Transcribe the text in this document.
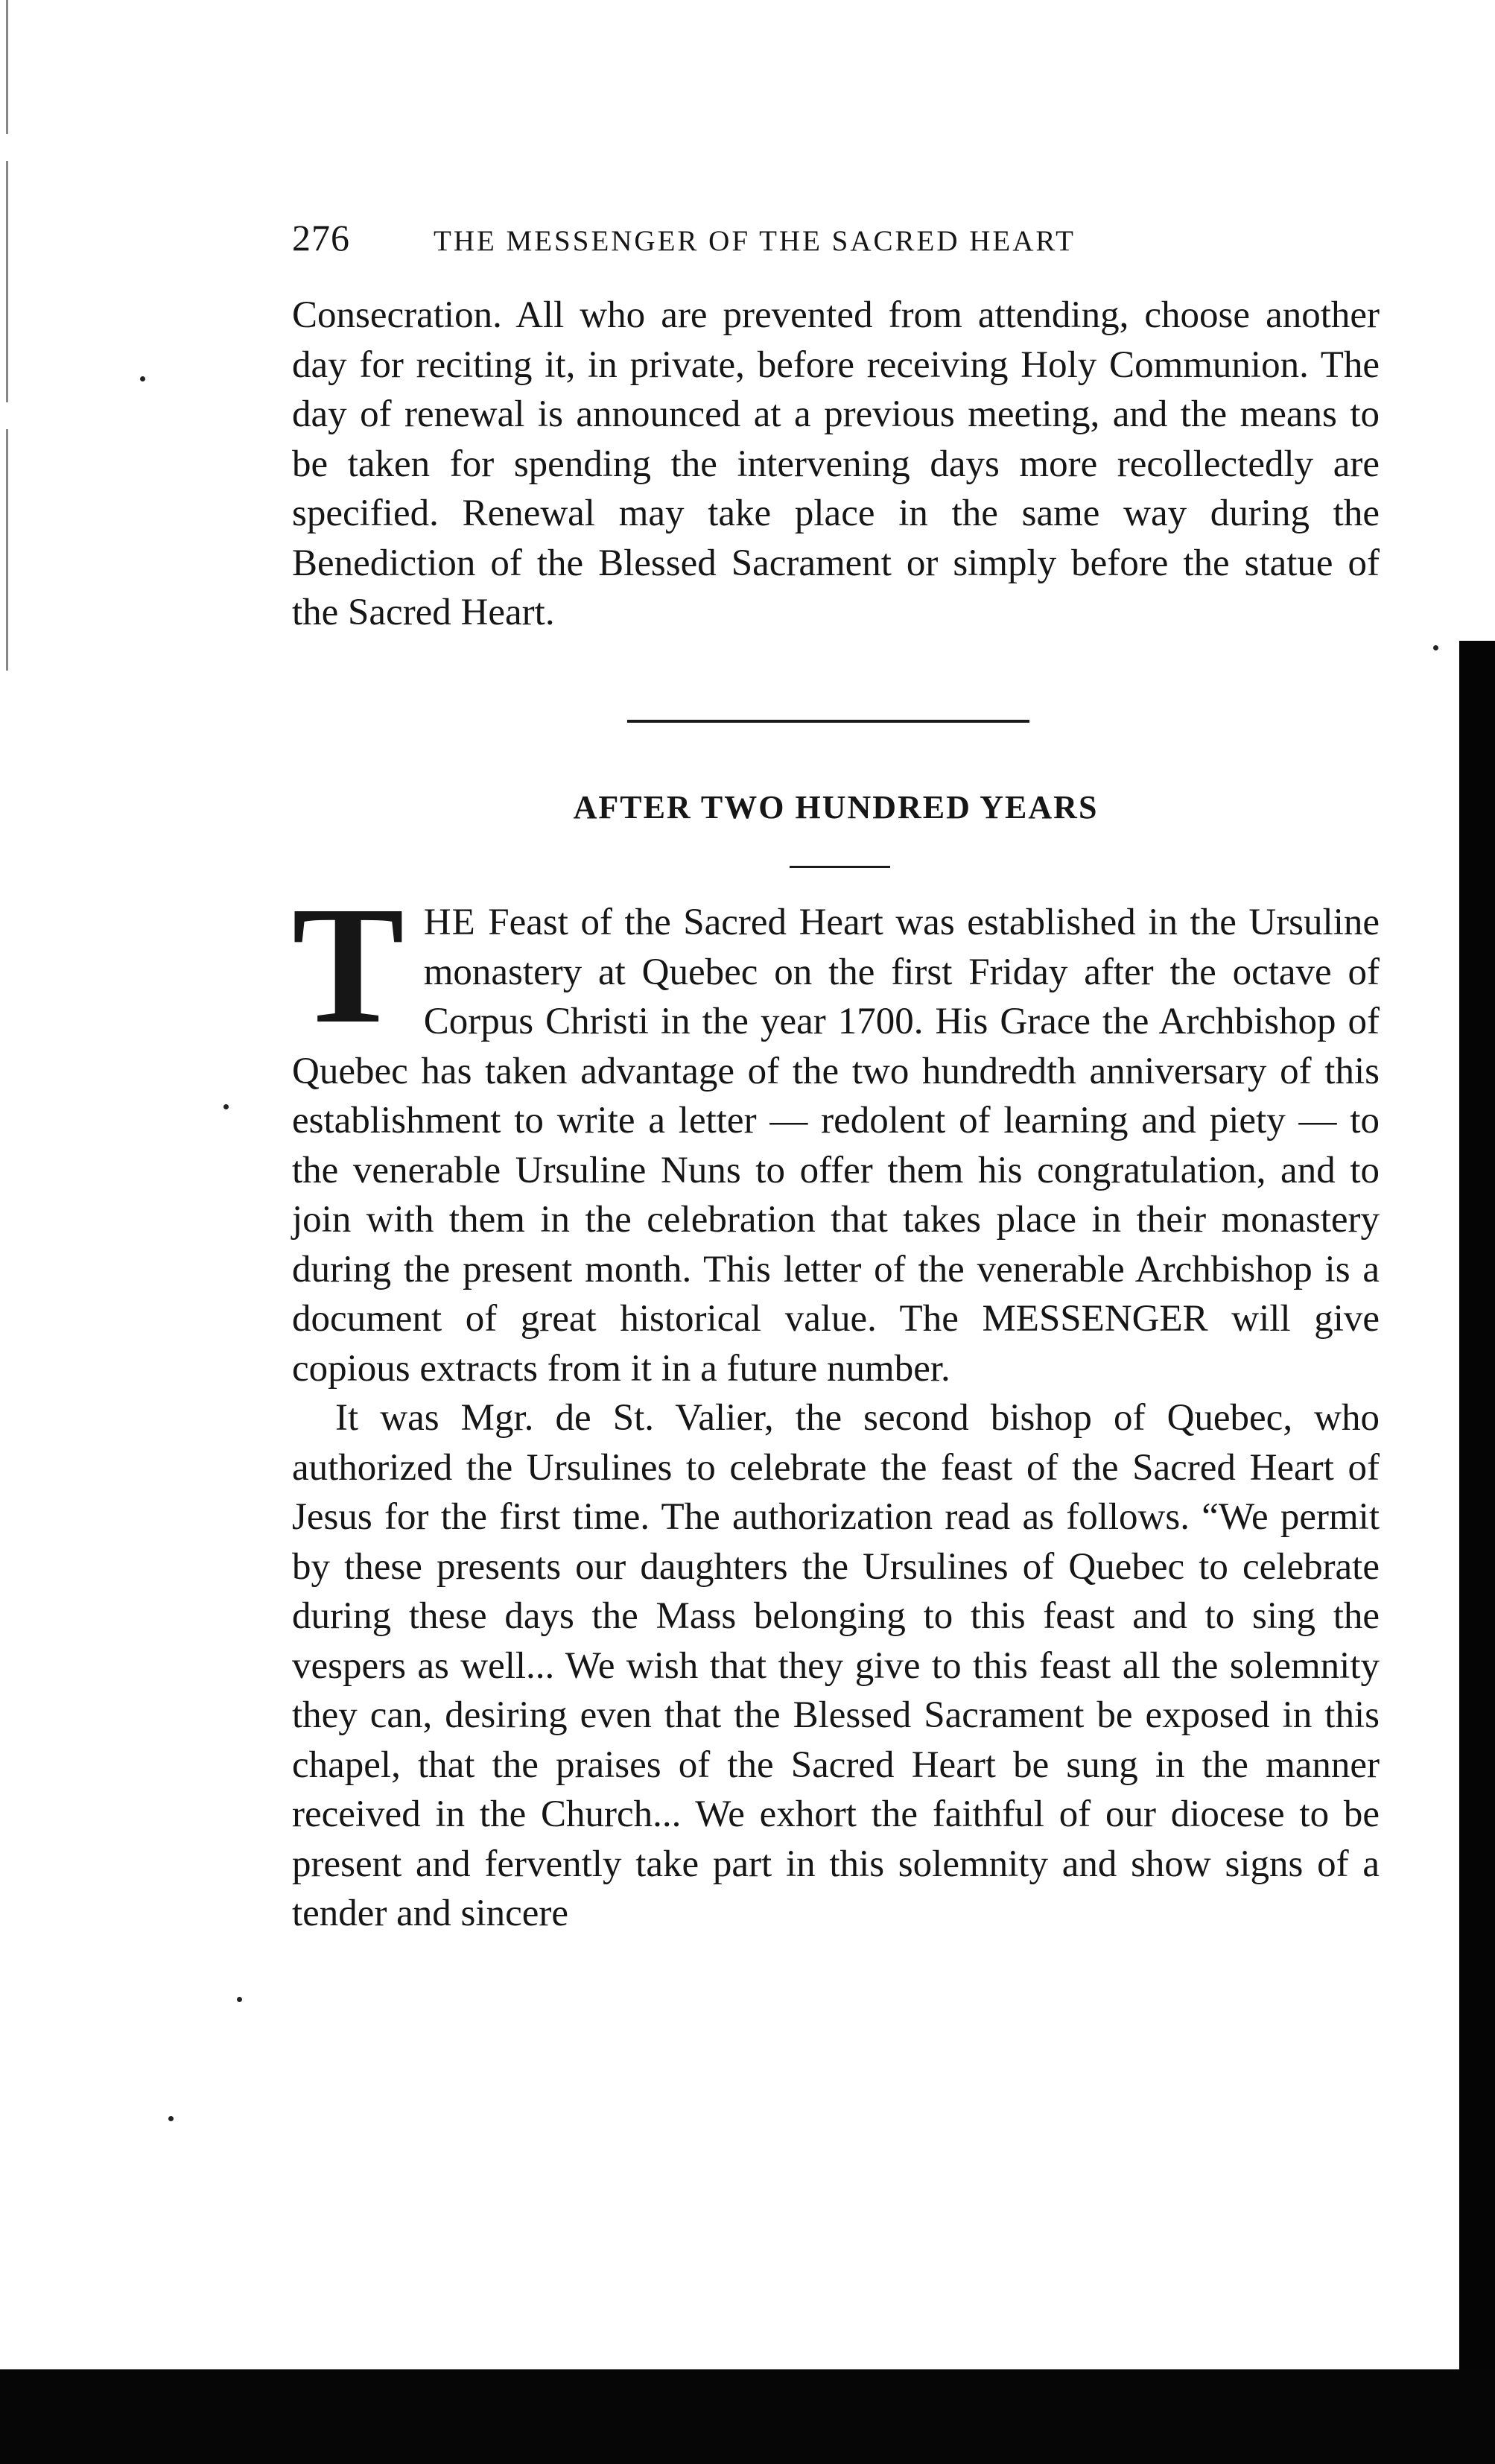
276	THE MESSENGER OF THE SACRED HEART

Consecration. All who are prevented from attending, choose another day for reciting it, in private, before receiving Holy Communion. The day of renewal is announced at a previous meeting, and the means to be taken for spending the intervening days more recollectedly are specified. Renewal may take place in the same way during the Benediction of the Blessed Sacrament or simply before the statue of the Sacred Heart.

AFTER TWO HUNDRED YEARS

T HE Feast of the Sacred Heart was established in the Ursuline monastery at Quebec on the first Friday after the octave of Corpus Christi in the year 1700. His Grace the Archbishop of Quebec has taken advantage of the two hundredth anniversary of this establishment to write a letter — redolent of learning and piety — to the venerable Ursuline Nuns to offer them his congratulation, and to join with them in the celebration that takes place in their monastery during the present month. This letter of the venerable Archbishop is a document of great historical value. The MESSENGER will give copious extracts from it in a future number.

It was Mgr. de St. Valier, the second bishop of Quebec, who authorized the Ursulines to celebrate the feast of the Sacred Heart of Jesus for the first time. The authorization read as follows. “We permit by these presents our daughters the Ursulines of Quebec to celebrate during these days the Mass belonging to this feast and to sing the vespers as well... We wish that they give to this feast all the solemnity they can, desiring even that the Blessed Sacrament be exposed in this chapel, that the praises of the Sacred Heart be sung in the manner received in the Church... We exhort the faithful of our diocese to be present and fervently take part in this solemnity and show signs of a tender and sincere
